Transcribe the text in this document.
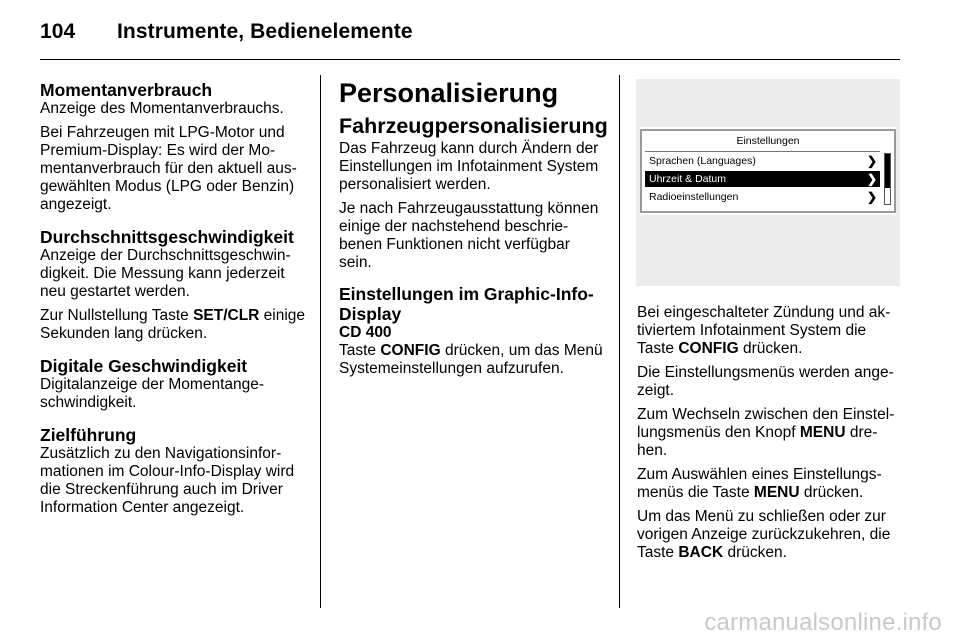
104 Instrumente, Bedienelemente
Momentanverbrauch

Anzeige des Momentanverbrauchs.

Bei Fahrzeugen mit LPG-Motor und Premium-Display: Es wird der Momentanverbrauch für den aktuell ausgewählten Modus (LPG oder Benzin) angezeigt.

Durchschnittsgeschwindigkeit

Anzeige der Durchschnittsgeschwindigkeit. Die Messung kann jederzeit neu gestartet werden.

Zur Nullstellung Taste SET/CLR einige Sekunden lang drücken.

Digitale Geschwindigkeit

Digitalanzeige der Momentangeschwindigkeit.

Zielführung

Zusätzlich zu den Navigationsinformationen im Colour-Info-Display wird die Streckenführung auch im Driver Information Center angezeigt.

Personalisierung
Fahrzeugpersonalisierung

Das Fahrzeug kann durch Ändern der Einstellungen im Infotainment System personalisiert werden.

Je nach Fahrzeugausstattung können einige der nachstehend beschriebenen Funktionen nicht verfügbar sein.

Einstellungen im Graphic-Info-Display
CD 400

Taste CONFIG drücken, um das Menü Systemeinstellungen aufzurufen.

Einstellungen
Sprachen (Languages)	❯
Uhrzeit & Datum	❯
Radioeinstellungen	❯

Bei eingeschalteter Zündung und aktiviertem Infotainment System die Taste CONFIG drücken.

Die Einstellungsmenüs werden angezeigt.

Zum Wechseln zwischen den Einstellungsmenüs den Knopf MENU drehen.

Zum Auswählen eines Einstellungsmenüs die Taste MENU drücken.

Um das Menü zu schließen oder zur vorigen Anzeige zurückzukehren, die Taste BACK drücken.

carmanualsonline.info
